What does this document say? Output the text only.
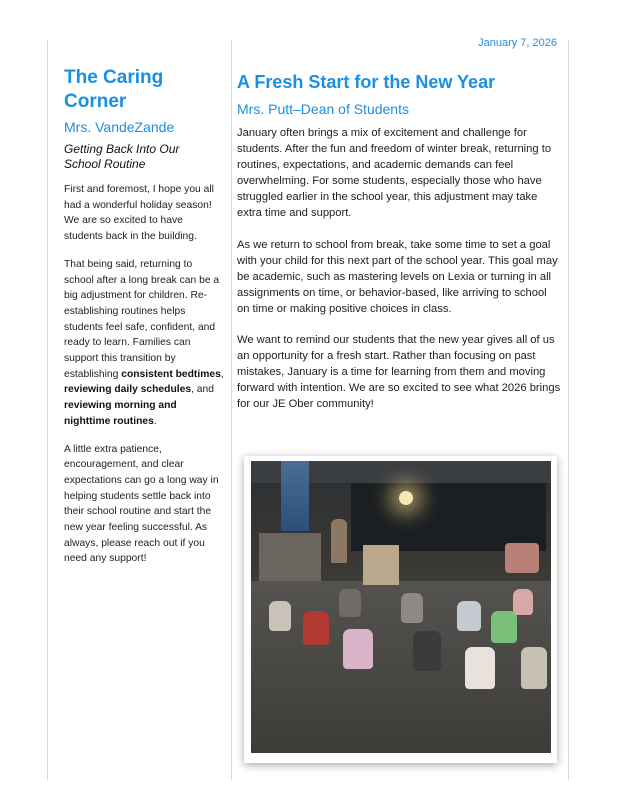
January 7, 2026
The Caring
Corner
Mrs. VandeZande
Getting Back Into Our
School Routine

First and foremost, I hope you all had a wonderful holiday season! We are so excited to have students back in the building.

That being said, returning to school after a long break can be a big adjustment for children. Re-establishing routines helps students feel safe, confident, and ready to learn. Families can support this transition by establishing consistent bedtimes, reviewing daily schedules, and reviewing morning and nighttime routines.

A little extra patience, encouragement, and clear expectations can go a long way in helping students settle back into their school routine and start the new year feeling successful. As always, please reach out if you need any support!

A Fresh Start for the New Year
Mrs. Putt–Dean of Students

January often brings a mix of excitement and challenge for students. After the fun and freedom of winter break, returning to routines, expectations, and academic demands can feel overwhelming. For some students, especially those who have struggled earlier in the school year, this adjustment may take extra time and support.

As we return to school from break, take some time to set a goal with your child for this next part of the school year. This goal may be academic, such as mastering levels on Lexia or turning in all assignments on time, or behavior-based, like arriving to school on time or making positive choices in class.

We want to remind our students that the new year gives all of us an opportunity for a fresh start. Rather than focusing on past mistakes, January is a time for learning from them and moving forward with intention. We are so excited to see what 2026 brings for our JE Ober community!
